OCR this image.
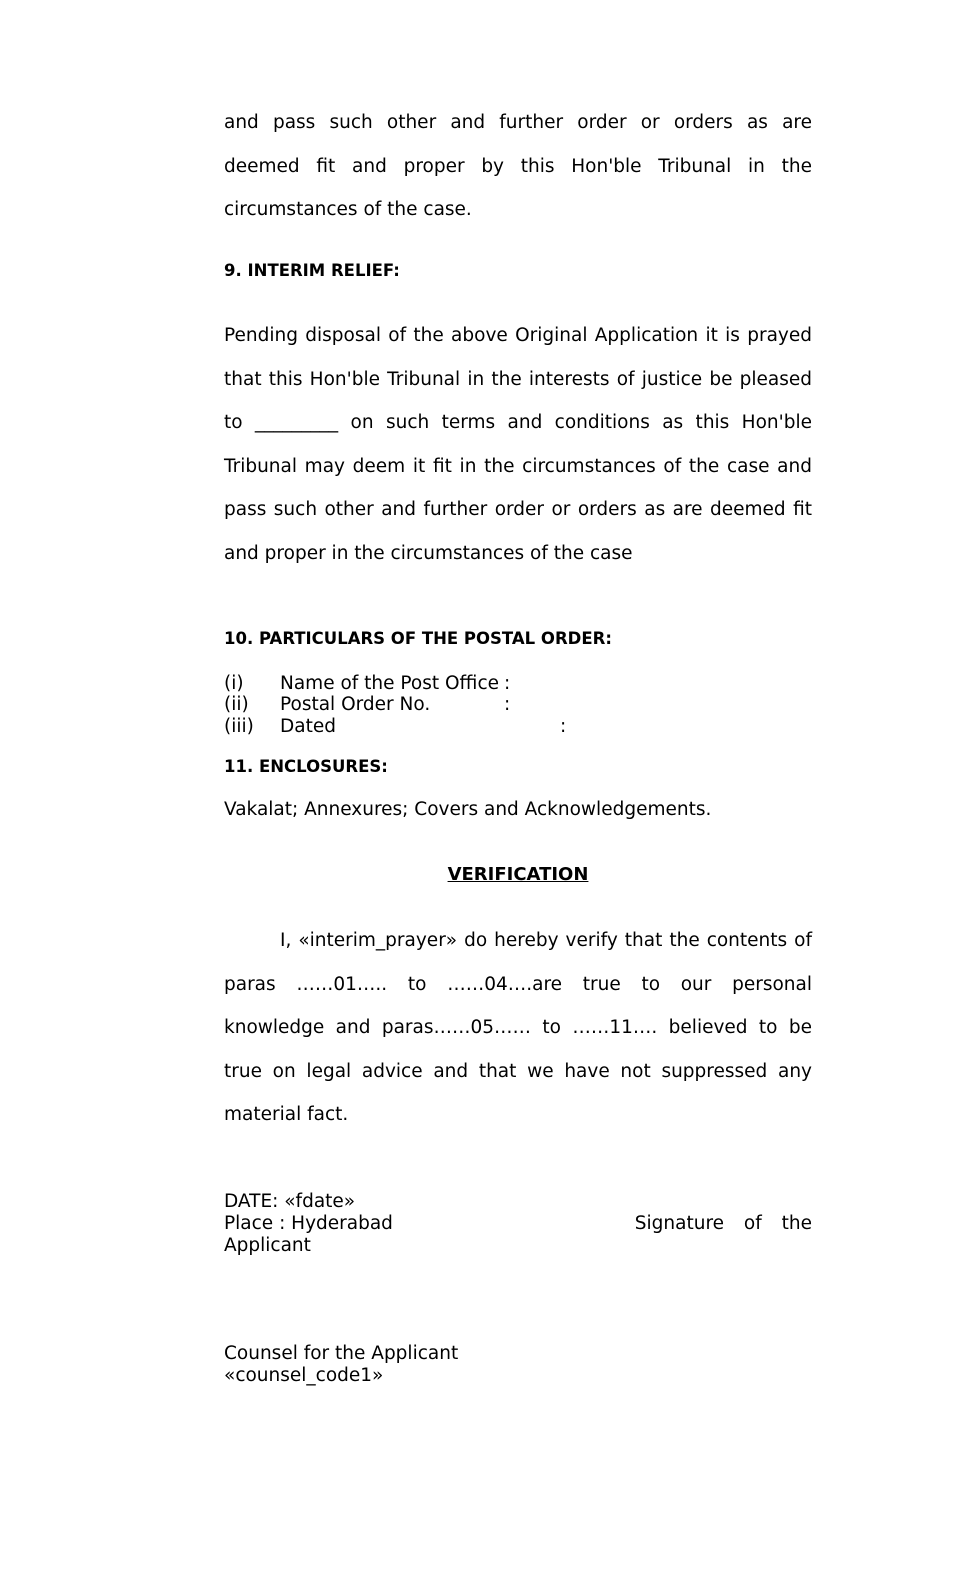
and pass such other and further order or orders as are

deemed fit and proper by this Hon'ble Tribunal in the

circumstances of the case.

9. INTERIM RELIEF:

Pending disposal of the above Original Application it is prayed

that this Hon'ble Tribunal in the interests of justice be pleased

to _________ on such terms and conditions as this Hon'ble

Tribunal may deem it fit in the circumstances of the case and

pass such other and further order or orders as are deemed fit

and proper in the circumstances of the case

10. PARTICULARS OF THE POSTAL ORDER:

(i) Name of the Post Office :
(ii) Postal Order No.	:
(iii) Dated	:

11. ENCLOSURES:

Vakalat; Annexures; Covers and Acknowledgements.
VERIFICATION

I, «interim_prayer» do hereby verify that the contents of

paras ……01….. to ……04….are true to our personal

knowledge and paras……05…… to ……11…. believed to be

true on legal advice and that we have not suppressed any

material fact.

DATE: «fdate»
Place : Hyderabad	Signature of the
Applicant
Counsel for the Applicant
«counsel_code1»
